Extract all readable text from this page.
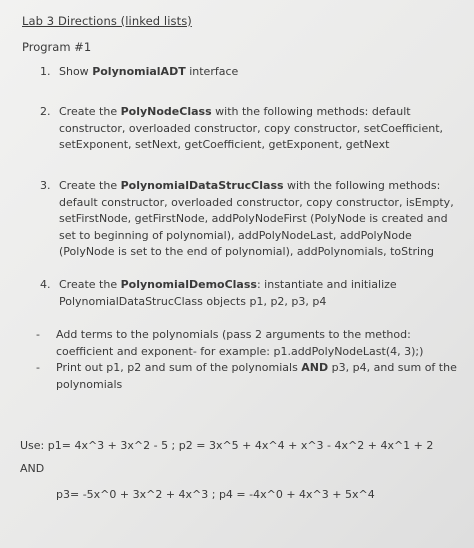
Lab 3 Directions (linked lists)
Program #1
1. Show PolynomialADT interface
2. Create the PolyNodeClass with the following methods: default constructor, overloaded constructor, copy constructor, setCoefficient, setExponent, setNext, getCoefficient, getExponent, getNext
3. Create the PolynomialDataStrucClass with the following methods: default constructor, overloaded constructor, copy constructor, isEmpty, setFirstNode, getFirstNode, addPolyNodeFirst (PolyNode is created and set to beginning of polynomial), addPolyNodeLast, addPolyNode (PolyNode is set to the end of polynomial), addPolynomials, toString
4. Create the PolynomialDemoClass: instantiate and initialize PolynomialDataStrucClass objects p1, p2, p3, p4
- Add terms to the polynomials (pass 2 arguments to the method: coefficient and exponent- for example: p1.addPolyNodeLast(4, 3);)
- Print out p1, p2 and sum of the polynomials AND p3, p4, and sum of the polynomials
Use: p1= 4x^3 + 3x^2 - 5 ; p2 = 3x^5 + 4x^4 + x^3 - 4x^2 + 4x^1 + 2
AND
p3= -5x^0 + 3x^2 + 4x^3 ; p4 = -4x^0 + 4x^3 + 5x^4
